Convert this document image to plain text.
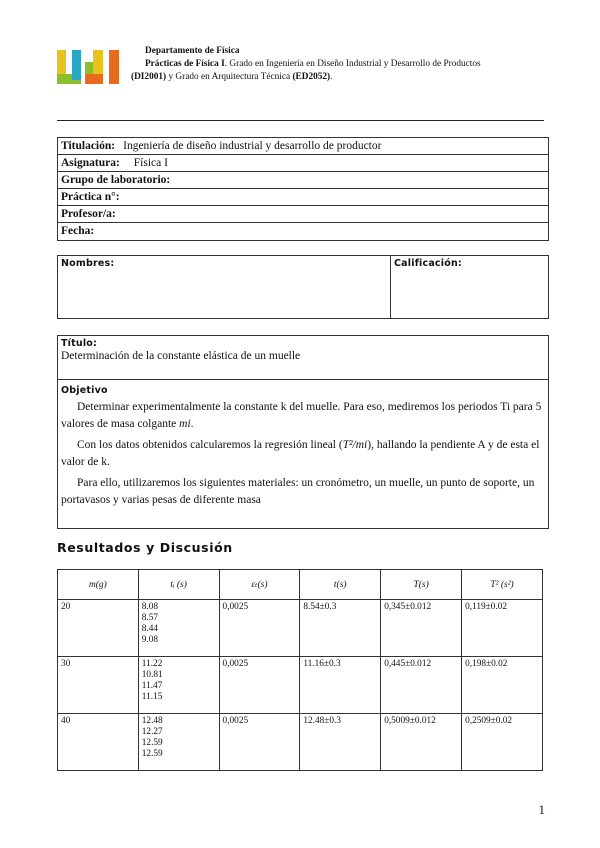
Departamento de Física
Prácticas de Física I. Grado en Ingeniería en Diseño Industrial y Desarrollo de Productos
(DI2001) y Grado en Arquitectura Técnica (ED2052).
Titulación: Ingeniería de diseño industrial y desarrollo de productor
Asignatura: Física I
Grupo de laboratorio:
Práctica n°:
Profesor/a:
Fecha:
Nombres:	Calificación:
Título:
Determinación de la constante elástica de un muelle
Objetivo

Determinar experimentalmente la constante k del muelle. Para eso, mediremos los periodos Ti para 5 valores de masa colgante mi.

Con los datos obtenidos calcularemos la regresión lineal (T²/mi), hallando la pendiente A y de esta el valor de k.

Para ello, utilizaremos los siguientes materiales: un cronómetro, un muelle, un punto de soporte, un portavasos y varias pesas de diferente masa

Resultados y Discusión
m(g)	tᵢ (s)	εₜ(s)	t(s)	T(s)	T² (s²)
20	8.08
8.57
8.44
9.08	0,0025	8.54±0.3	0,345±0.012	0,119±0.02
30	11.22
10.81
11.47
11.15	0,0025	11.16±0.3	0,445±0.012	0,198±0.02
40	12.48
12.27
12.59
12.59	0,0025	12.48±0.3	0,5009±0.012	0,2509±0.02
1
